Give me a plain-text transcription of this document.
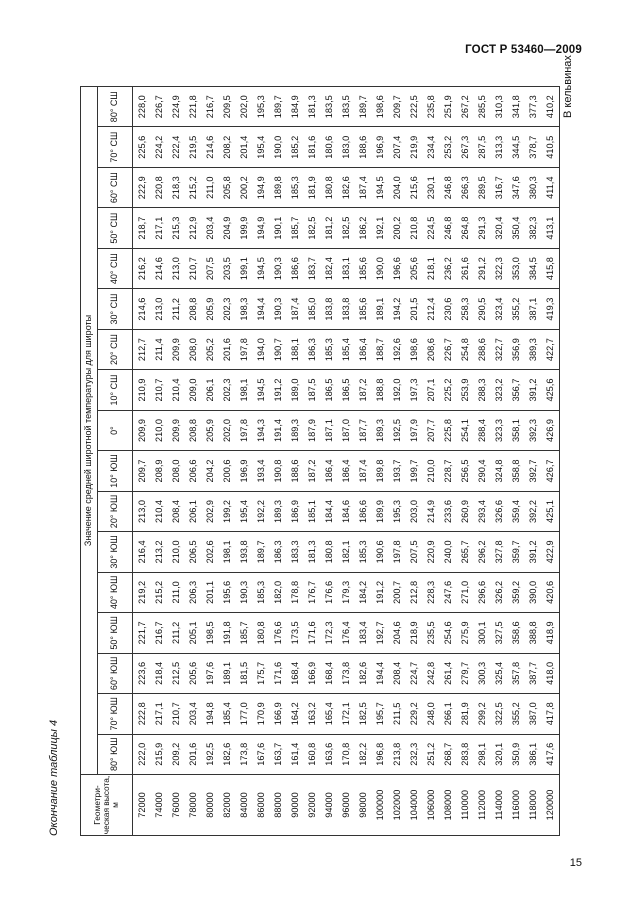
ГОСТ Р 53460—2009
Окончание таблицы 4
В кельвинах
Геометри- ческая высота, м	Значение средней широтной температуры для широты																
	80° ЮШ	70° ЮШ	60° ЮШ	50° ЮШ	40° ЮШ	30° ЮШ	20° ЮШ	10° ЮШ	0°	10° СШ	20° СШ	30° СШ	40° СШ	50° СШ	60° СШ	70° СШ	80° СШ
72000	222,0	222,8	223,6	221,7	219,2	216,4	213,0	209,7	209,9	210,9	212,7	214,6	216,2	218,7	222,9	225,6	228,0
74000	215,9	217,1	218,4	216,7	215,2	213,2	210,4	208,9	210,0	210,7	211,4	213,0	214,6	217,1	220,8	224,2	226,7
76000	209,2	210,7	212,5	211,2	211,0	210,0	208,4	208,0	209,9	210,4	209,9	211,2	213,0	215,3	218,3	222,4	224,9
78000	201,6	203,4	205,6	205,1	206,3	206,5	206,1	206,6	208,8	209,0	208,0	208,8	210,7	212,9	215,2	219,5	221,8
80000	192,5	194,8	197,6	198,5	201,1	202,6	202,9	204,2	205,9	206,1	205,2	205,9	207,5	203,4	211,0	214,6	216,7
82000	182,6	185,4	189,1	191,8	195,6	198,1	199,2	200,6	202,0	202,3	201,6	202,3	203,5	204,9	205,8	208,2	209,5
84000	173,8	177,0	181,5	185,7	190,3	193,8	195,4	196,9	197,8	198,1	197,8	198,3	199,1	199,9	200,2	201,4	202,0
86000	167,6	170,9	175,7	180,8	185,3	189,7	192,2	193,4	194,3	194,5	194,0	194,4	194,5	194,9	194,9	195,4	195,3
88000	163,7	166,9	171,6	176,6	182,0	186,3	189,3	190,8	191,4	191,2	190,7	190,3	190,3	190,1	189,8	190,0	189,7
90000	161,4	164,2	168,4	173,5	178,8	183,3	186,9	188,6	189,3	189,0	188,1	187,4	186,6	185,7	185,3	185,2	184,9
92000	160,8	163,2	166,9	171,6	176,7	181,3	185,1	187,2	187,9	187,5	186,3	185,0	183,7	182,5	181,9	181,6	181,3
94000	163,6	165,4	168,4	172,3	176,6	180,8	184,4	186,4	187,1	186,5	185,3	183,8	182,4	181,2	180,8	180,6	183,5
96000	170,8	172,1	173,8	176,4	179,3	182,1	184,6	186,4	187,0	186,5	185,4	183,8	183,1	182,5	182,6	183,0	183,5
98000	182,2	182,5	182,6	183,4	184,2	185,3	186,6	187,4	187,7	187,2	186,4	185,6	185,6	186,2	187,4	188,6	189,7
100000	196,8	195,7	194,4	192,7	191,2	190,6	189,9	189,8	189,3	188,8	188,7	189,1	190,0	192,1	194,5	196,9	198,6
102000	213,8	211,5	208,4	204,6	200,7	197,8	195,3	193,7	192,5	192,0	192,6	194,2	196,6	200,2	204,0	207,4	209,7
104000	232,3	229,2	224,7	218,9	212,8	207,5	203,0	199,7	197,9	197,3	198,6	201,5	205,6	210,8	215,6	219,9	222,5
106000	251,2	248,0	242,8	235,5	228,3	220,9	214,9	210,0	207,7	207,1	208,6	212,4	218,1	224,5	230,1	234,4	235,8
108000	268,7	266,1	261,4	254,6	247,6	240,0	233,6	228,7	225,8	225,2	226,7	230,6	236,2	246,8	246,8	253,2	251,9
110000	283,8	281,9	279,7	275,9	271,0	265,7	260,9	256,5	254,1	253,9	254,8	258,3	261,6	264,8	266,3	267,3	267,2
112000	298,1	299,2	300,3	300,1	296,6	296,2	293,4	290,4	288,4	288,3	288,6	290,5	291,2	291,3	289,5	287,5	285,5
114000	320,1	322,5	325,4	327,5	326,2	327,8	326,6	324,8	323,3	323,2	322,7	323,4	322,3	320,4	316,7	313,3	310,3
116000	350,9	355,2	357,8	358,6	359,2	359,7	359,4	358,8	358,1	356,7	356,9	355,2	353,0	350,4	347,6	344,5	341,8
118000	386,1	387,0	387,7	388,8	390,0	391,2	392,2	392,7	392,3	391,2	389,3	387,1	384,5	382,3	380,3	378,7	377,3
120000	417,6	417,8	418,0	418,9	420,6	422,9	425,1	426,7	426,9	425,6	422,7	419,3	415,8	413,1	411,4	410,5	410,2
15
